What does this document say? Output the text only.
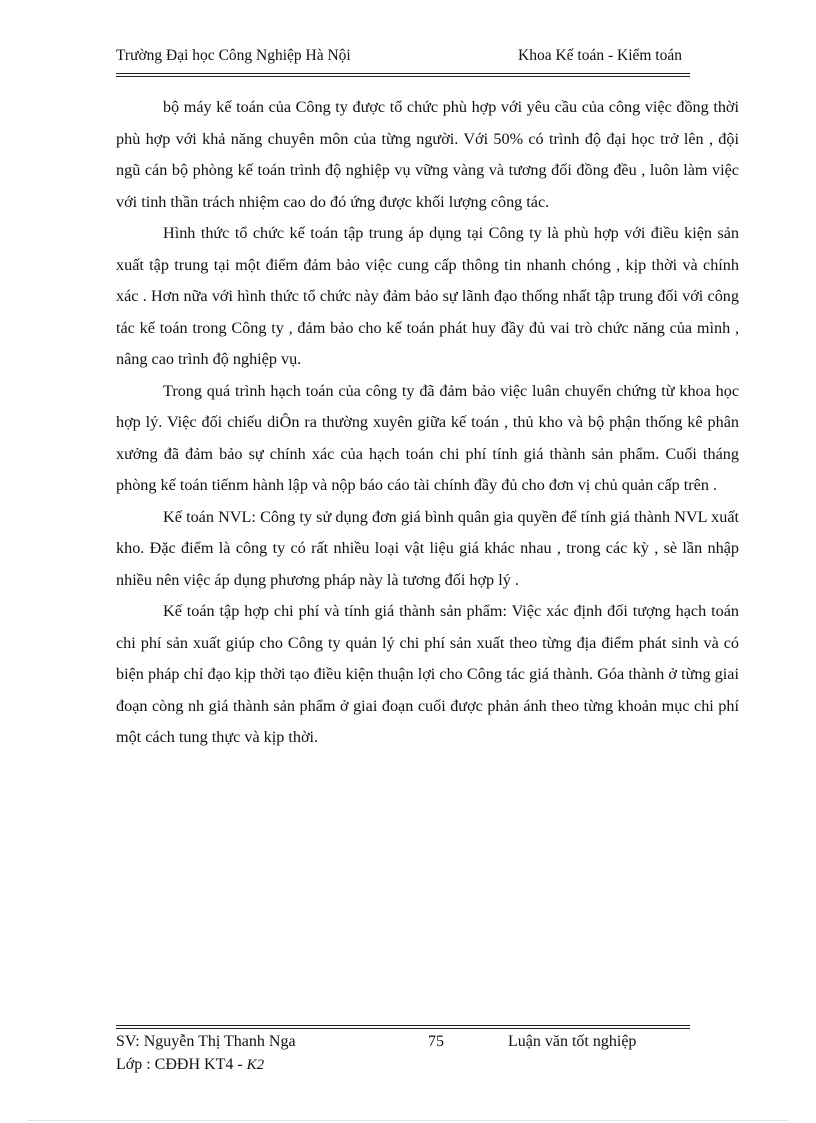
Trường Đại học Công Nghiệp Hà Nội	Khoa Kế toán - Kiểm toán

bộ máy kế toán của Công ty được tổ chức phù hợp với yêu cầu của công việc đồng thời phù hợp với khả năng chuyên môn của từng người. Với 50% có trình độ đại học trở lên , đội ngũ cán bộ phòng kế toán trình độ nghiệp vụ vững vàng và tương đối đồng đều , luôn làm việc với tinh thần trách nhiệm cao do đó ứng được khối lượng công tác.

Hình thức tổ chức kế toán tập trung áp dụng tại Công ty là phù hợp với điều kiện sản xuất tập trung tại một điểm đảm bảo việc cung cấp thông tin nhanh chóng , kịp thời và chính xác . Hơn nữa với hình thức tổ chức này đảm bảo sự lãnh đạo thống nhất tập trung đối với công tác kế toán trong Công ty , đảm bảo cho kế toán phát huy đầy đủ vai trò chức năng của mình , nâng cao trình độ nghiệp vụ.

Trong quá trình hạch toán của công ty đã đảm bảo việc luân chuyển chứng từ khoa học hợp lý. Việc đối chiếu diÔn ra thường xuyên giữa kế toán , thủ kho và bộ phận thống kê phân xưởng đã đảm bảo sự chính xác của hạch toán chi phí tính giá thành sản phẩm. Cuối tháng phòng kế toán tiếnm hành lập và nộp báo cáo tài chính đầy đủ cho đơn vị chủ quản cấp trên .

Kế toán NVL: Công ty sử dụng đơn giá bình quân gia quyền để tính giá thành NVL xuất kho. Đặc điểm là công ty có rất nhiều loại vật liệu giá khác nhau , trong các kỳ , sè lần nhập nhiều nên việc áp dụng phương pháp này là tương đối hợp lý .

Kế toán tập hợp chi phí và tính giá thành sản phẩm: Việc xác định đối tượng hạch toán chi phí sản xuất giúp cho Công ty quản lý chi phí sản xuất theo từng địa điểm phát sinh và có biện pháp chỉ đạo kịp thời tạo điều kiện thuận lợi cho Công tác giá thành. Góa thành ở từng giai đoạn còng nh giá thành sản phẩm ở giai đoạn cuối được phản ánh theo từng khoản mục chi phí một cách tung thực và kịp thời.

SV: Nguyễn Thị Thanh Nga	75	Luận văn tốt nghiệp
Lớp : CĐĐH KT4 - K2
